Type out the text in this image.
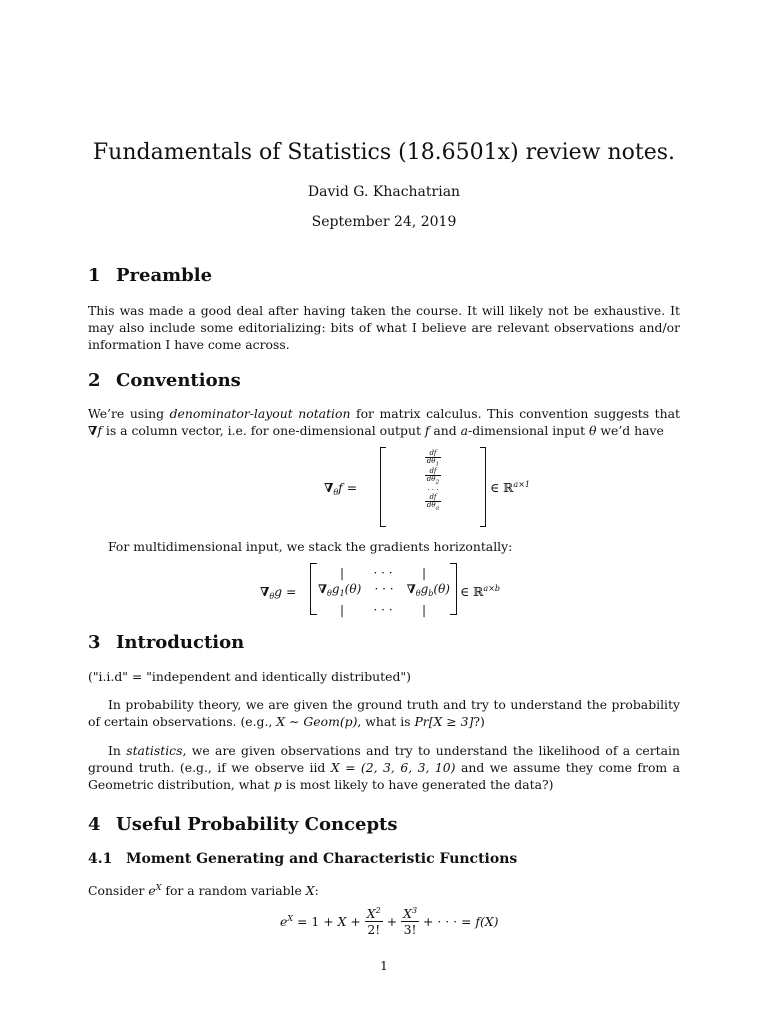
Fundamentals of Statistics (18.6501x) review notes.
David G. Khachatrian
September 24, 2019
1 Preamble
This was made a good deal after having taken the course. It will likely not be exhaustive. It may also include some editorializing: bits of what I believe are relevant observations and/or information I have come across.
2 Conventions
We’re using denominator-layout notation for matrix calculus. This convention suggests that ∇f is a column vector, i.e. for one-dimensional output f and a-dimensional input θ we’d have
$\nabla_\theta f$ =
$\frac{df}{d\theta_1}$

$\frac{df}{d\theta_2}$

· · ·
$\frac{df}{d\theta_a}$
∈ ℝ$^{a\times 1}$
For multidimensional input, we stack the gradients horizontally:
$\nabla_\theta g$ =
| · · · |
$\nabla_\theta g_1(\theta)$ · · · $\nabla_\theta g_b(\theta)$
| · · · |
∈ ℝ$^{a\times b}$
3 Introduction
("i.i.d" = "independent and identically distributed")
In probability theory, we are given the ground truth and try to understand the probability of certain observations. (e.g., X ∼ Geom(p), what is Pr[X ≥ 3]?)
In statistics, we are given observations and try to understand the likelihood of a certain ground truth. (e.g., if we observe iid X = (2, 3, 6, 3, 10) and we assume they come from a Geometric distribution, what p is most likely to have generated the data?)
4 Useful Probability Concepts
4.1 Moment Generating and Characteristic Functions
Consider $e^X$ for a random variable X:
$e^X = 1 + X + \frac{X^2}{2!} + \frac{X^3}{3!}$ + · · · = f(X)
1
